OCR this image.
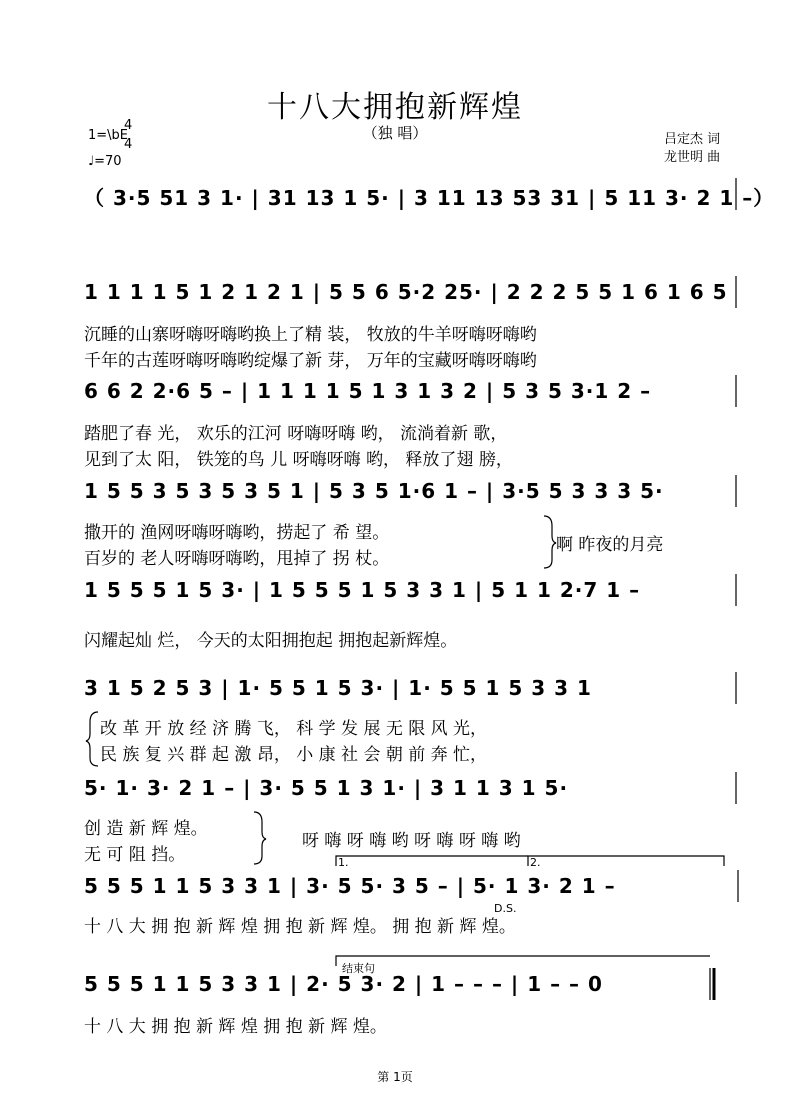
十八大拥抱新辉煌
（独 唱）
1=\bE
4
4
♩=70
吕定杰 词
龙世明 曲
（ 3·5 51 3 1· | 31 13 1 5· | 3 11 13 53 31 | 5 11 3· 2 1 –）
1 1 1 1 5 1 2 1 2 1 | 5 5 6 5·2 25· | 2 2 2 5 5 1 6 1 6 5
沉睡的山寨呀嗨呀嗨哟换上了精 装， 牧放的牛羊呀嗨呀嗨哟
千年的古莲呀嗨呀嗨哟绽爆了新 芽， 万年的宝藏呀嗨呀嗨哟
6 6 2 2·6 5 – | 1 1 1 1 5 1 3 1 3 2 | 5 3 5 3·1 2 –
踏肥了春 光， 欢乐的江河 呀嗨呀嗨 哟， 流淌着新 歌，
见到了太 阳， 铁笼的鸟 儿 呀嗨呀嗨 哟， 释放了翅 膀，
1 5 5 3 5 3 5 3 5 1 | 5 3 5 1·6 1 – | 3·5 5 3 3 3 5·
撒开的 渔网呀嗨呀嗨哟，捞起了 希 望。
百岁的 老人呀嗨呀嗨哟，甩掉了 拐 杖。
啊 昨夜的月亮
1 5 5 5 1 5 3· | 1 5 5 5 1 5 3 3 1 | 5 1 1 2·7 1 –
闪耀起灿 烂， 今天的太阳拥抱起 拥抱起新辉煌。
3 1 5 2 5 3 | 1· 5 5 1 5 3· | 1· 5 5 1 5 3 3 1
改 革 开 放 经 济 腾 飞， 科 学 发 展 无 限 风 光，
民 族 复 兴 群 起 激 昂， 小 康 社 会 朝 前 奔 忙，
5· 1· 3· 2 1 – | 3· 5 5 1 3 1· | 3 1 1 3 1 5·
创 造 新 辉 煌。
无 可 阻 挡。
呀 嗨 呀 嗨 哟 呀 嗨 呀 嗨 哟
1.	2.
5 5 5 1 1 5 3 3 1 | 3· 5 5· 3 5 – | 5· 1 3· 2 1 –
D.S.
十 八 大 拥 抱 新 辉 煌 拥 抱 新 辉 煌。 拥 抱 新 辉 煌。
结束句
5 5 5 1 1 5 3 3 1 | 2· 5 3· 2 | 1 – – – | 1 – – 0
十 八 大 拥 抱 新 辉 煌 拥 抱 新 辉 煌。
第 1页
